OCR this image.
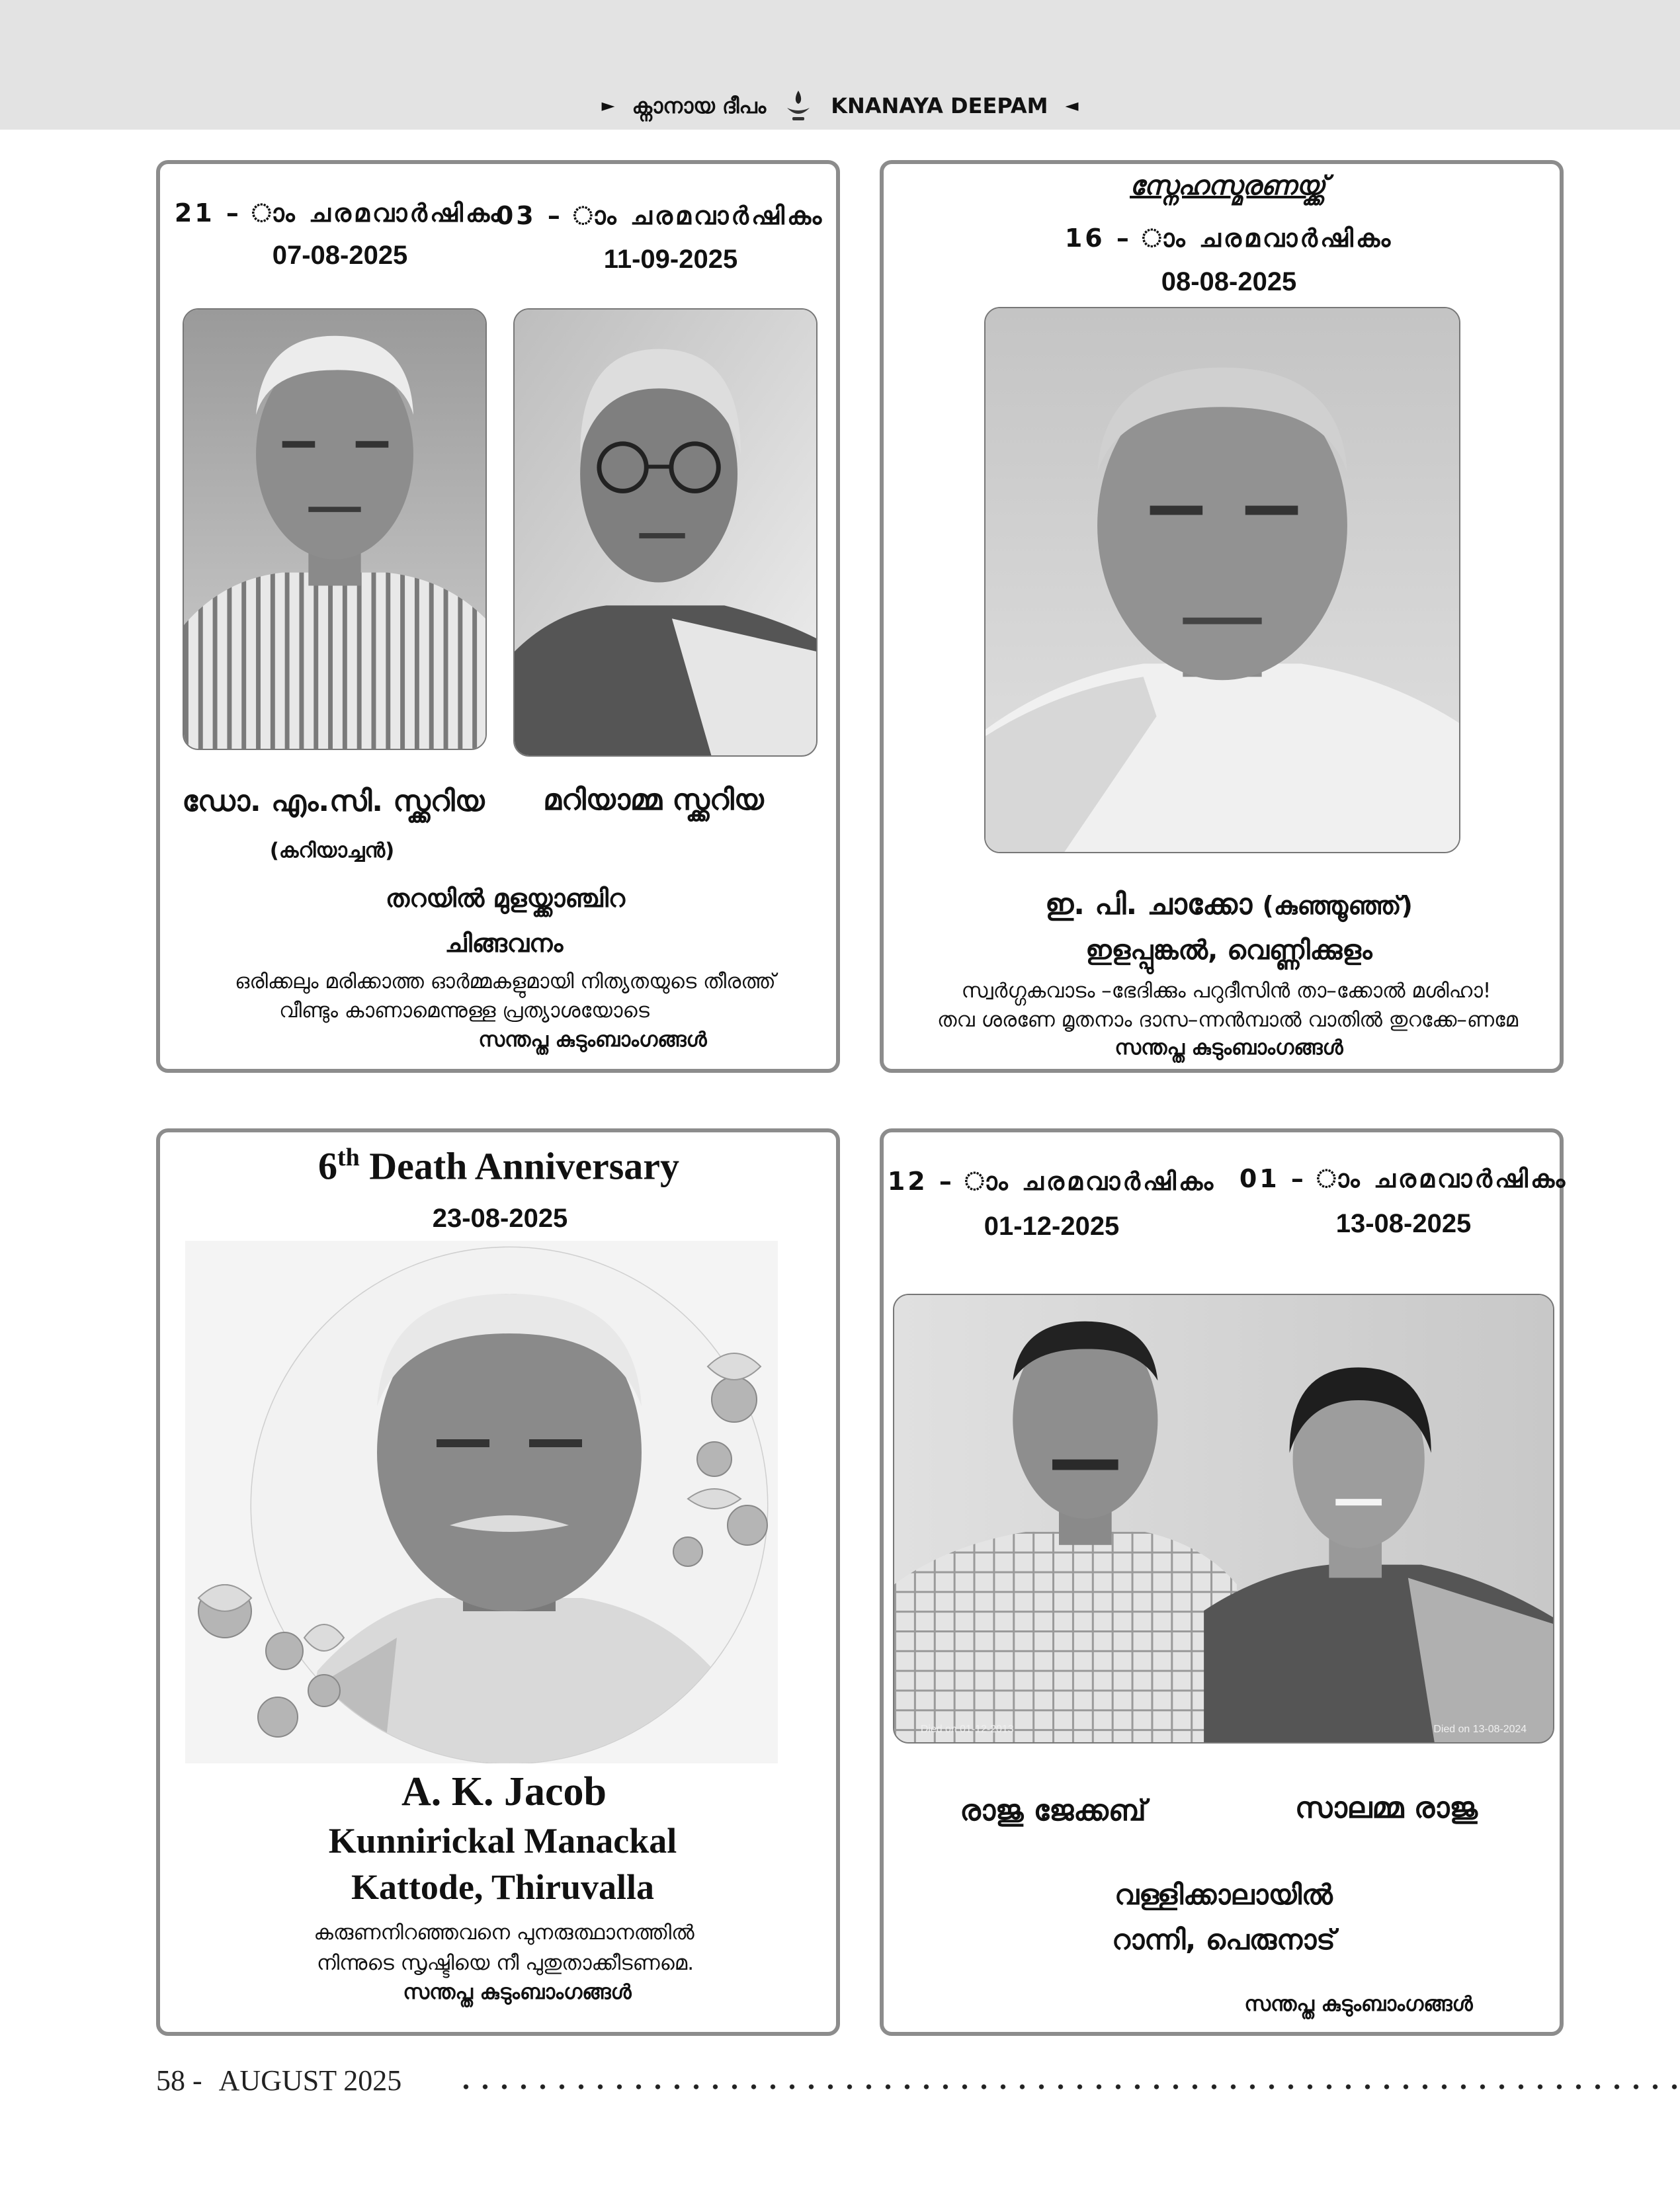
► ക്നാനായ ദീപം	KNANAYA DEEPAM ◄
21 – ാം ചരമവാർഷികം
07-08-2025
03 – ാം ചരമവാർഷികം
11-09-2025
ഡോ. എം.സി. സ്ക്കറിയ മറിയാമ്മ സ്ക്കറിയ
(കറിയാച്ചൻ)
തറയിൽ മുളയ്ക്കാഞ്ചിറ
ചിങ്ങവനം
ഒരിക്കലും മരിക്കാത്ത ഓർമ്മകളുമായി നിത്യതയുടെ തീരത്ത്
വീണ്ടും കാണാമെന്നുള്ള പ്രത്യാശയോടെ
സന്തപ്ത കുടുംബാംഗങ്ങൾ
സ്നേഹസ്മരണയ്ക്ക്
16 – ാം ചരമവാർഷികം
08-08-2025
ഇ. പി. ചാക്കോ (കുഞ്ഞൂഞ്ഞ്)
ഇളപ്പുങ്കൽ, വെണ്ണിക്കുളം
സ്വർഗ്ഗകവാടം –ഭേദിക്കും പറുദീസിൻ താ–ക്കോൽ മശിഹാ!
തവ ശരണേ മൃതനാം ദാസ–ന്നൻമ്പാൽ വാതിൽ തുറക്കേ–ണമേ
സന്തപ്ത കുടുംബാംഗങ്ങൾ
6th Death Anniversary
23-08-2025
A. K. Jacob
Kunnirickal Manackal
Kattode, Thiruvalla
കരുണനിറഞ്ഞവനെ പുനരുത്ഥാനത്തിൽ
നിന്നുടെ സൃഷ്ടിയെ നീ പുതുതാക്കീടണമെ.
സന്തപ്ത കുടുംബാംഗങ്ങൾ
12 – ാം ചരമവാർഷികം
01-12-2025
01 – ാം ചരമവാർഷികം
13-08-2025
Died on 01-12-2013	Died on 13-08-2024
രാജു ജേക്കബ്	സാലമ്മ രാജു
വള്ളിക്കാലായിൽ
റാന്നി, പെരുനാട്
സന്തപ്ത കുടുംബാംഗങ്ങൾ
58 - AUGUST 2025
